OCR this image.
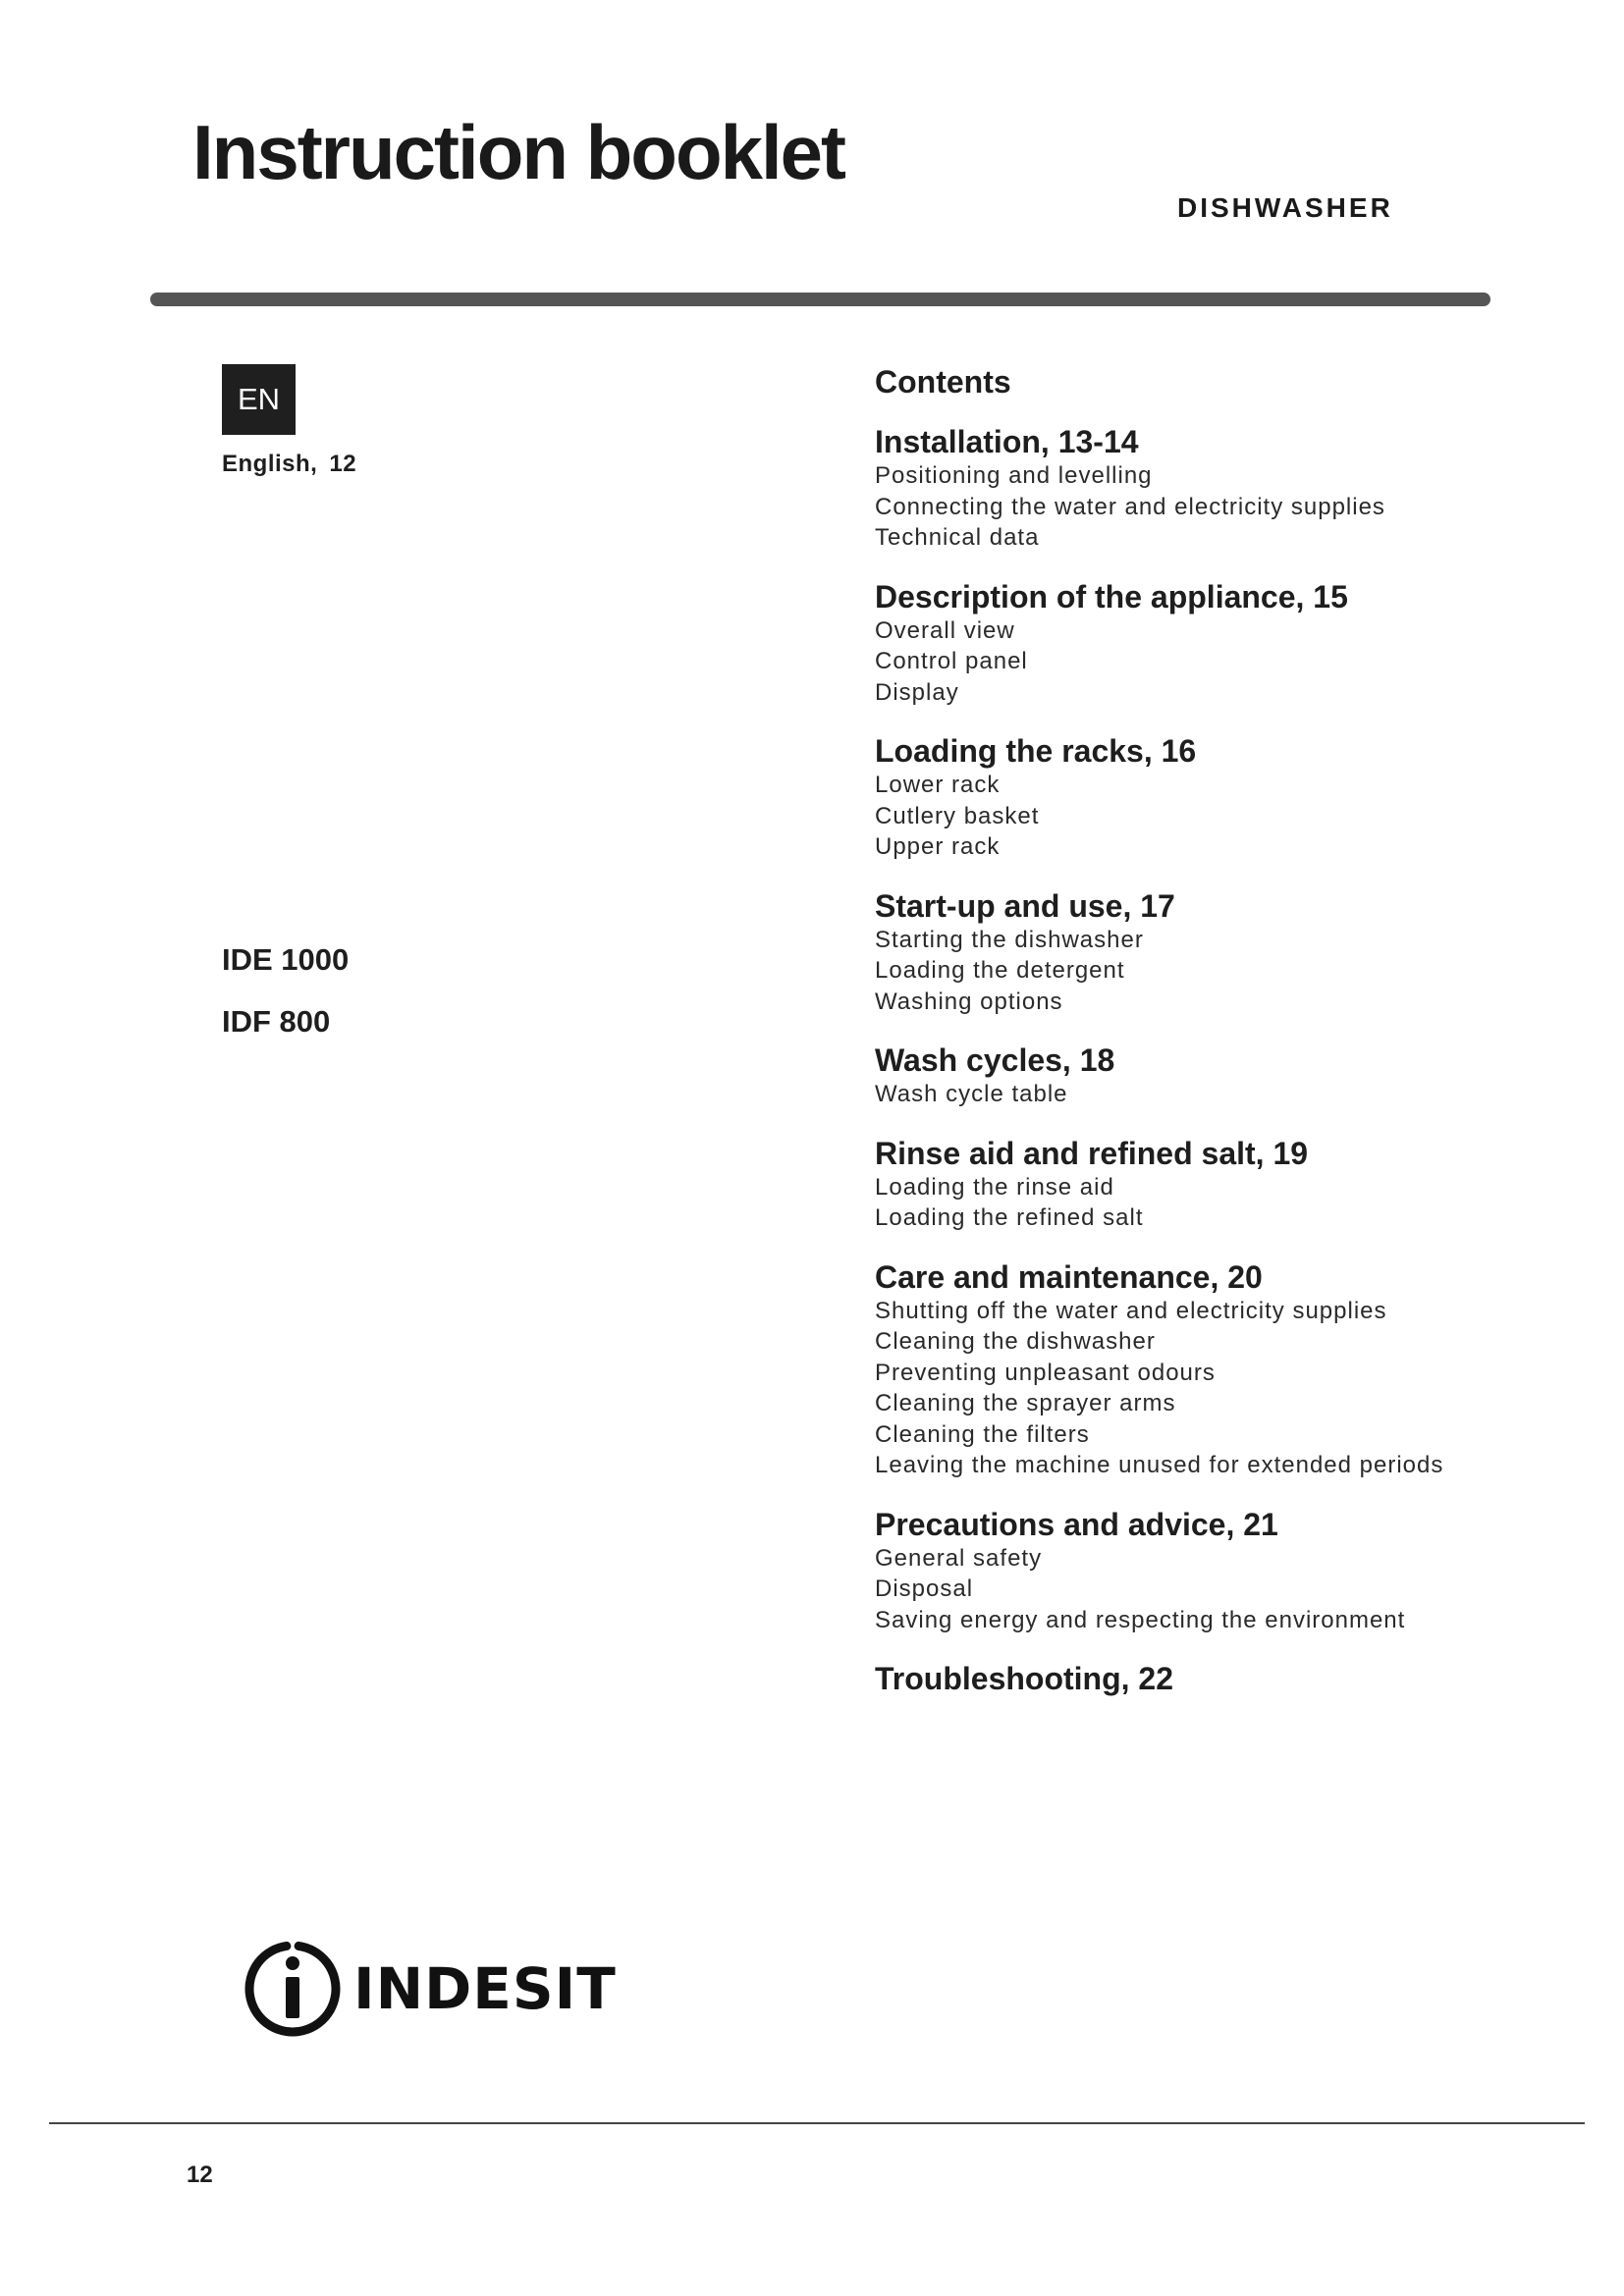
Instruction booklet
DISHWASHER
EN
English, 12
IDE 1000
IDF 800
Contents
Installation, 13-14
Positioning and levelling
Connecting the water and electricity supplies
Technical data
Description of the appliance, 15
Overall view
Control panel
Display
Loading the racks, 16
Lower rack
Cutlery basket
Upper rack
Start-up and use, 17
Starting the dishwasher
Loading the detergent
Washing options
Wash cycles, 18
Wash cycle table
Rinse aid and refined salt, 19
Loading the rinse aid
Loading the refined salt
Care and maintenance, 20
Shutting off the water and electricity supplies
Cleaning the dishwasher
Preventing unpleasant odours
Cleaning the sprayer arms
Cleaning the filters
Leaving the machine unused for extended periods
Precautions and advice, 21
General safety
Disposal
Saving energy and respecting the environment
Troubleshooting, 22
INDESIT
12
